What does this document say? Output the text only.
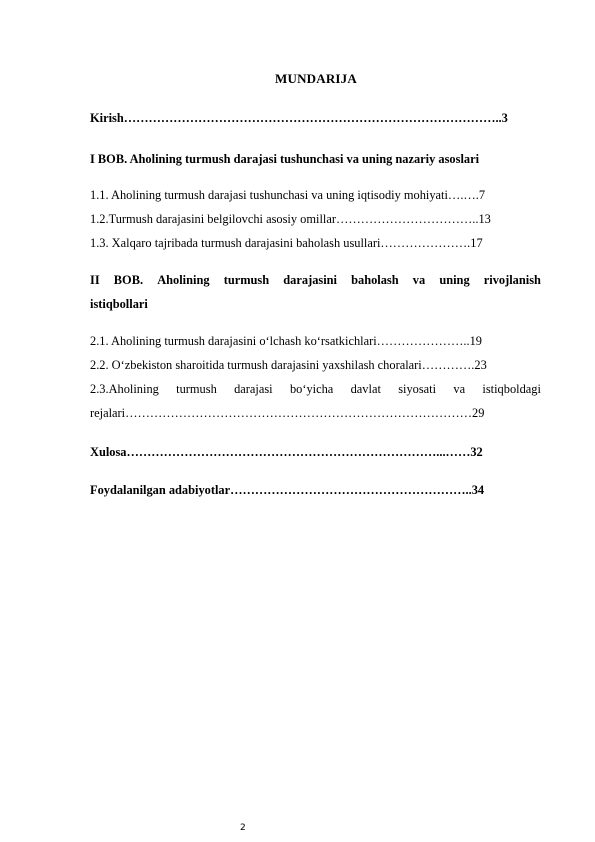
MUNDARIJA
Kirish………………………………………………………………………………..3
I BOB. Aholining turmush darajasi tushunchasi va uning nazariy asoslari
1.1. Aholining turmush darajasi tushunchasi va uning iqtisodiy mohiyati….….7
1.2.Turmush darajasini belgilovchi asosiy omillar……………………………..13
1.3. Xalqaro tajribada turmush darajasini baholash usullari………………….17
II BOB. Aholining turmush darajasini baholash va uning rivojlanish
istiqbollari
2.1. Aholining turmush darajasini o‘lchash ko‘rsatkichlari…………………..19
2.2. O‘zbekiston sharoitida turmush darajasini yaxshilash choralari………….23
2.3.Aholining turmush darajasi bo‘yicha davlat siyosati va istiqboldagi
rejalari…………………………………………………………………………29
Xulosa…………………………………………………………………...……32
Foydalanilgan adabiyotlar…………………………………………………..34
2
